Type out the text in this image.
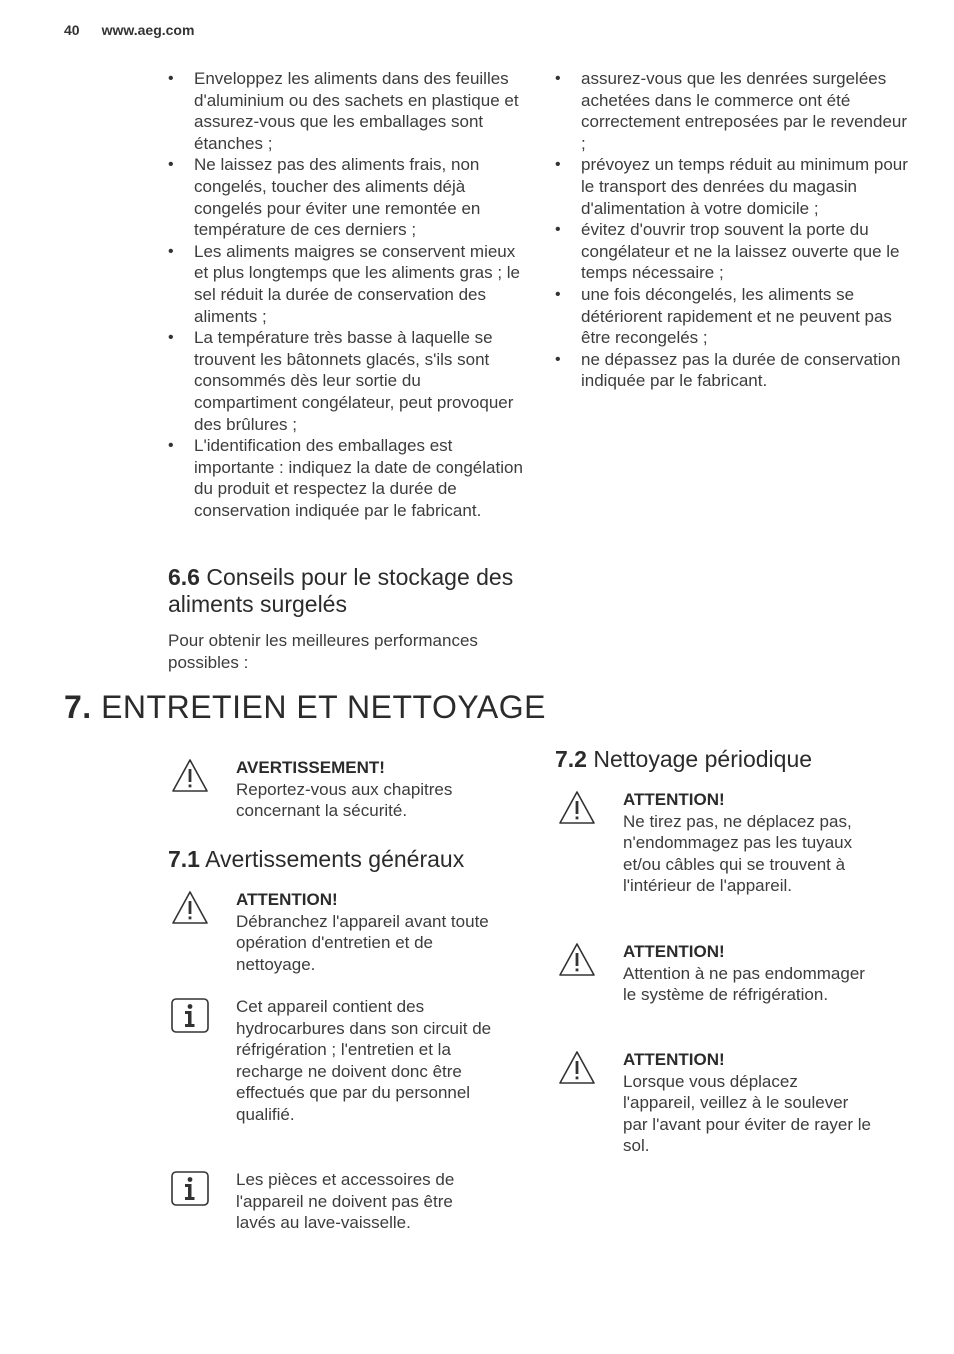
40 www.aeg.com
• Enveloppez les aliments dans des feuilles d'aluminium ou des sachets en plastique et assurez-vous que les emballages sont étanches ;
• Ne laissez pas des aliments frais, non congelés, toucher des aliments déjà congelés pour éviter une remontée en température de ces derniers ;
• Les aliments maigres se conservent mieux et plus longtemps que les aliments gras ; le sel réduit la durée de conservation des aliments ;
• La température très basse à laquelle se trouvent les bâtonnets glacés, s'ils sont consommés dès leur sortie du compartiment congélateur, peut provoquer des brûlures ;
• L'identification des emballages est importante : indiquez la date de congélation du produit et respectez la durée de conservation indiquée par le fabricant.
• assurez-vous que les denrées surgelées achetées dans le commerce ont été correctement entreposées par le revendeur ;
• prévoyez un temps réduit au minimum pour le transport des denrées du magasin d'alimentation à votre domicile ;
• évitez d'ouvrir trop souvent la porte du congélateur et ne la laissez ouverte que le temps nécessaire ;
• une fois décongelés, les aliments se détériorent rapidement et ne peuvent pas être recongelés ;
• ne dépassez pas la durée de conservation indiquée par le fabricant.
6.6 Conseils pour le stockage des aliments surgelés
Pour obtenir les meilleures performances possibles :
7. ENTRETIEN ET NETTOYAGE
AVERTISSEMENT!
Reportez-vous aux chapitres concernant la sécurité.
7.1 Avertissements généraux
ATTENTION!
Débranchez l'appareil avant toute opération d'entretien et de nettoyage.
Cet appareil contient des hydrocarbures dans son circuit de réfrigération ; l'entretien et la recharge ne doivent donc être effectués que par du personnel qualifié.
Les pièces et accessoires de l'appareil ne doivent pas être lavés au lave-vaisselle.
7.2 Nettoyage périodique
ATTENTION!
Ne tirez pas, ne déplacez pas, n'endommagez pas les tuyaux et/ou câbles qui se trouvent à l'intérieur de l'appareil.
ATTENTION!
Attention à ne pas endommager le système de réfrigération.
ATTENTION!
Lorsque vous déplacez l'appareil, veillez à le soulever par l'avant pour éviter de rayer le sol.
